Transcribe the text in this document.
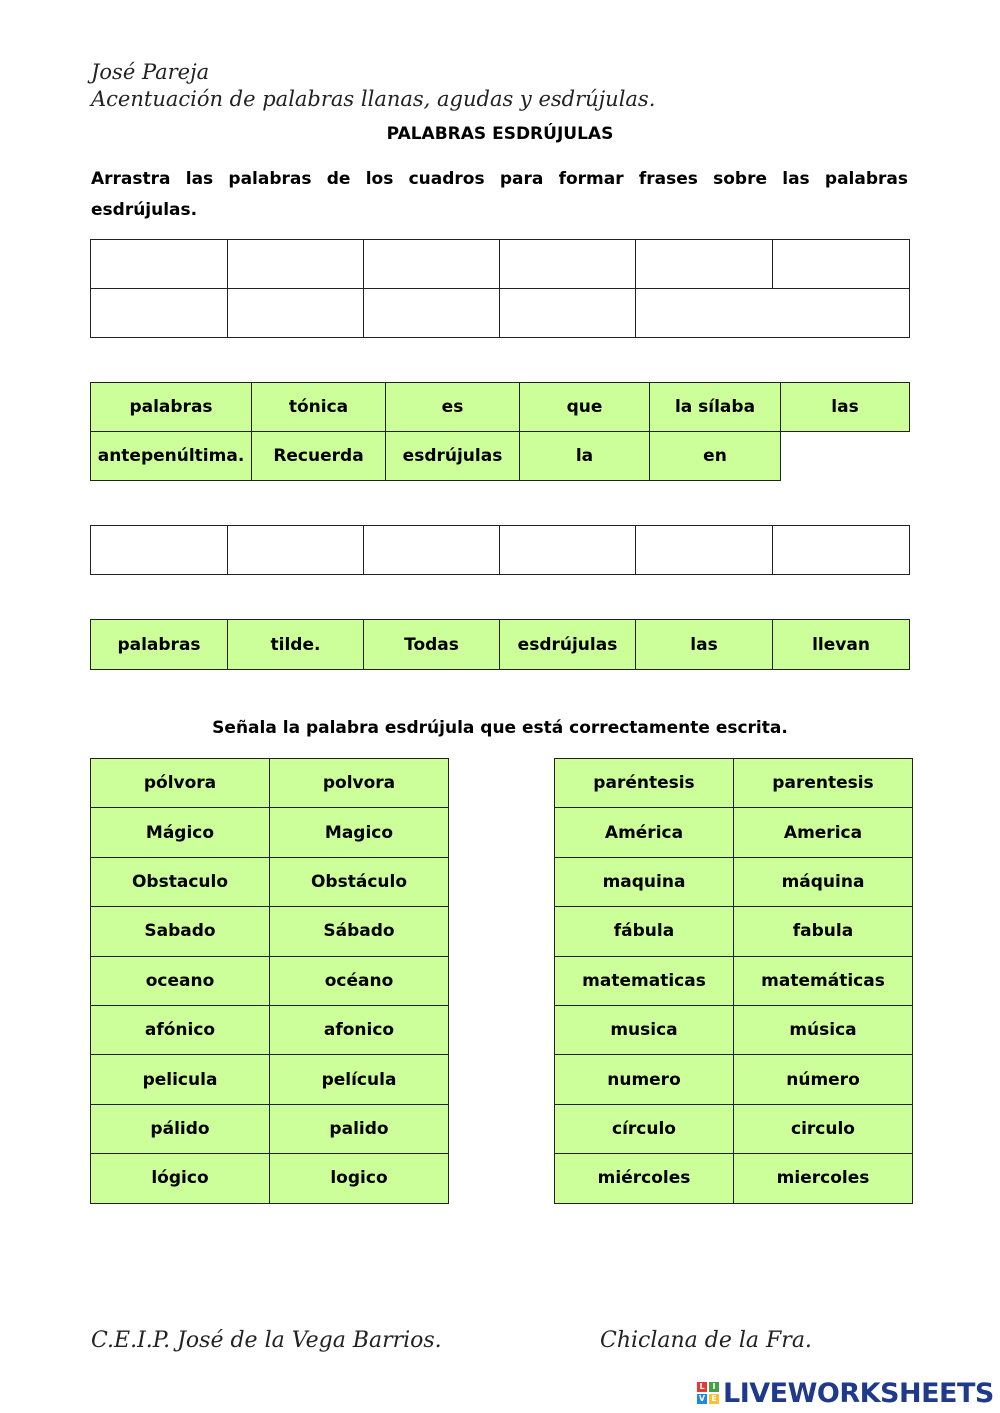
José Pareja
Acentuación de palabras llanas, agudas y esdrújulas.
PALABRAS ESDRÚJULAS
Arrastra las palabras de los cuadros para formar frases sobre las palabras
esdrújulas.

palabras	tónica	es	que	la sílaba	las
antepenúltima.	Recuerda	esdrújulas	la	en	

palabras	tilde.	Todas	esdrújulas	las	llevan
Señala la palabra esdrújula que está correctamente escrita.
pólvora	polvora
Mágico	Magico
Obstaculo	Obstáculo
Sabado	Sábado
oceano	océano
afónico	afonico
pelicula	película
pálido	palido
lógico	logico
paréntesis	parentesis
América	America
maquina	máquina
fábula	fabula
matematicas	matemáticas
musica	música
numero	número
círculo	circulo
miércoles	miercoles
C.E.I.P. José de la Vega Barrios.	Chiclana de la Fra.
L I
V E LIVEWORKSHEETS
